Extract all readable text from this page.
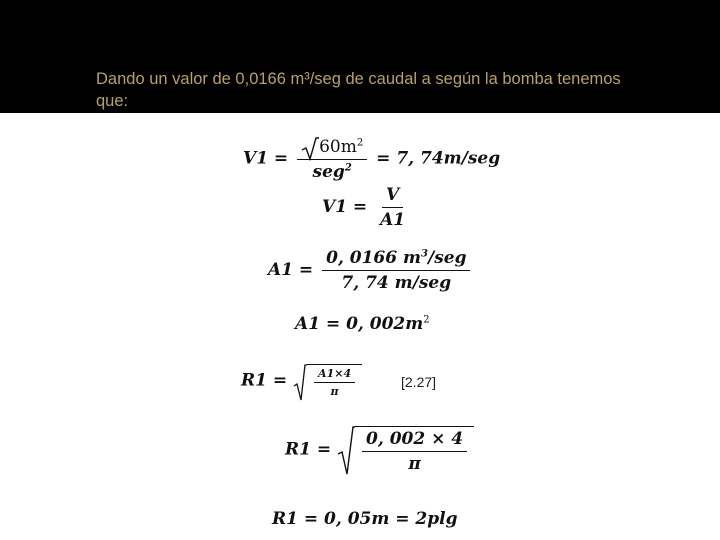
Dando un valor de 0,0166 m³/seg de caudal a según la bomba tenemos que:
$V1 = \frac{60m^2}{seg^2} = 7$, 74m/seg
$V1 = \frac{V}{A1}$
$A1 = \frac{0, 0166 m^3/seg}{\text{7, 74 m/seg}}$
A1 = 0, $002m^2$
$R1 = \frac{A1\times 4}{\pi}$	[2.27]
$R1 = \frac{0, 002 \times 4}{\pi}$
R1 = 0, 05m = 2plg
